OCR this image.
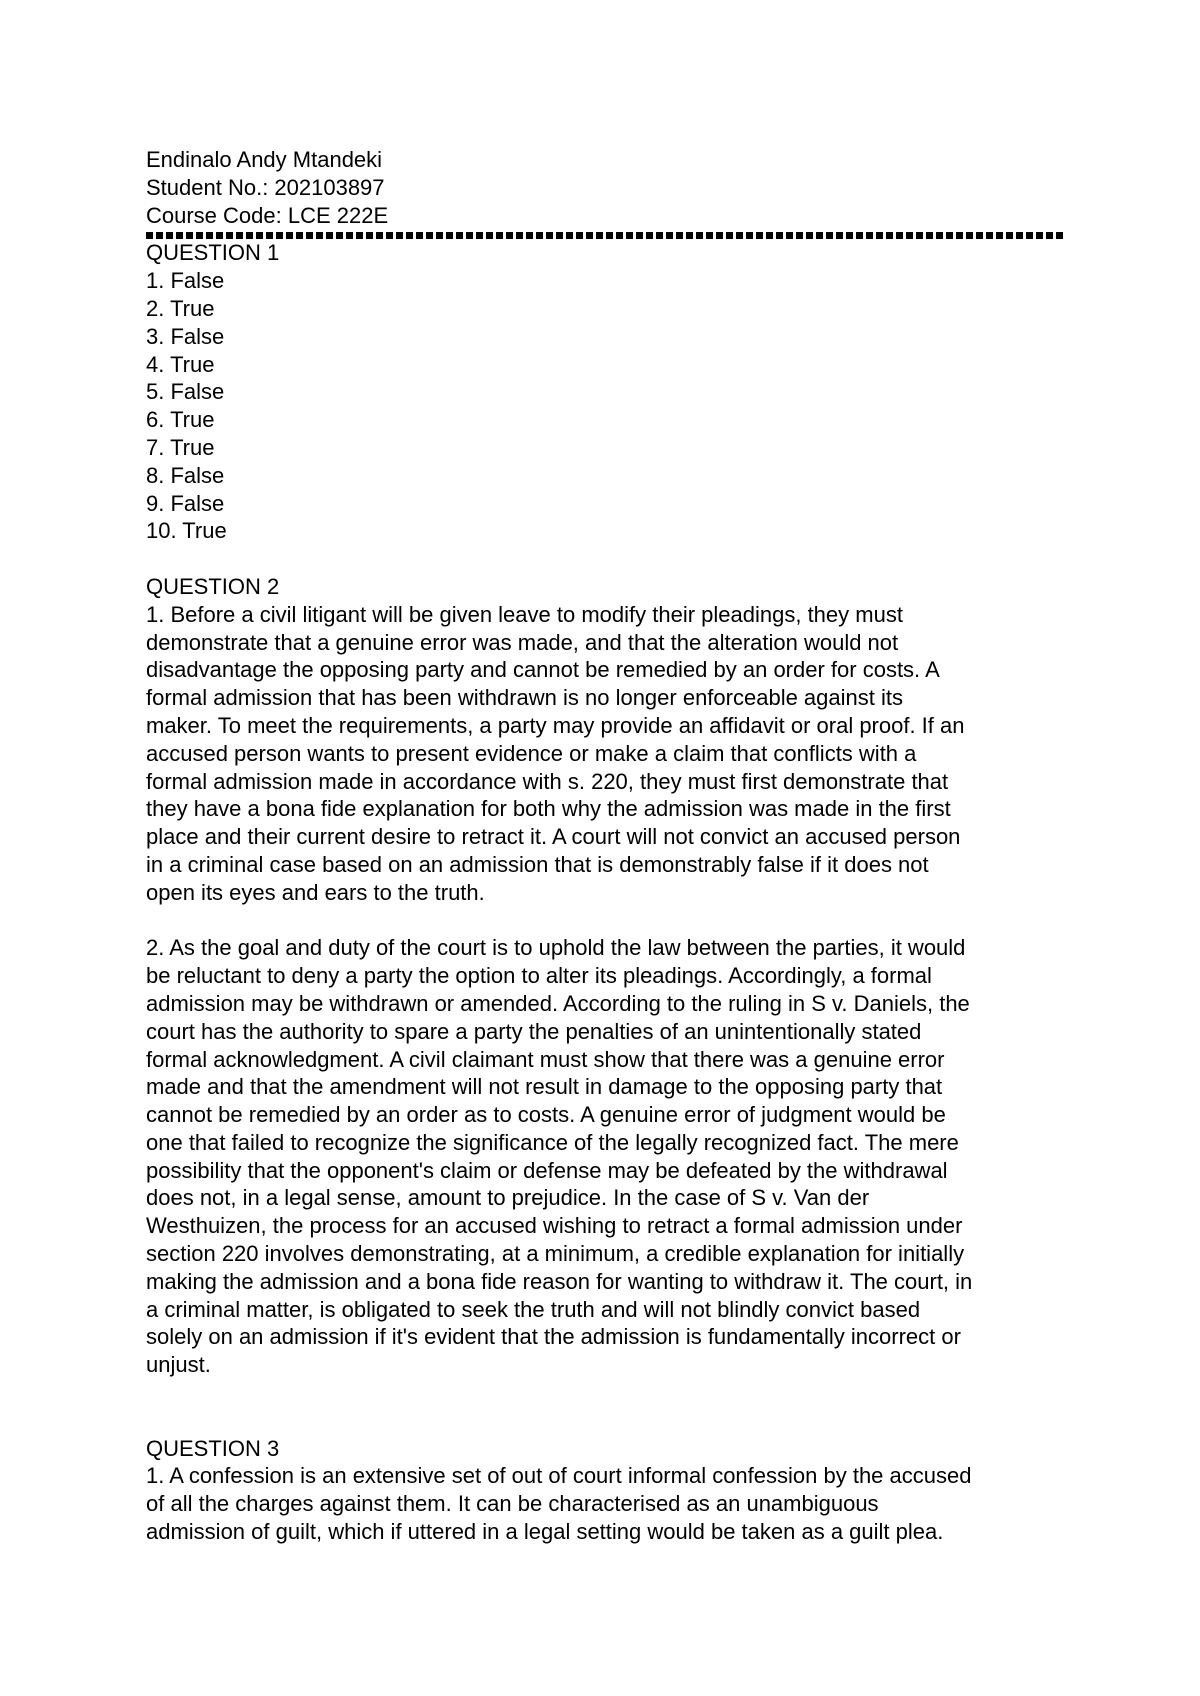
Endinalo Andy Mtandeki

Student No.: 202103897

Course Code: LCE 222E

QUESTION 1

1. False

2. True

3. False

4. True

5. False

6. True

7. True

8. False

9. False

10. True

QUESTION 2

1. Before a civil litigant will be given leave to modify their pleadings, they must

demonstrate that a genuine error was made, and that the alteration would not

disadvantage the opposing party and cannot be remedied by an order for costs. A

formal admission that has been withdrawn is no longer enforceable against its

maker. To meet the requirements, a party may provide an affidavit or oral proof. If an

accused person wants to present evidence or make a claim that conflicts with a

formal admission made in accordance with s. 220, they must first demonstrate that

they have a bona fide explanation for both why the admission was made in the first

place and their current desire to retract it. A court will not convict an accused person

in a criminal case based on an admission that is demonstrably false if it does not

open its eyes and ears to the truth.

2. As the goal and duty of the court is to uphold the law between the parties, it would

be reluctant to deny a party the option to alter its pleadings. Accordingly, a formal

admission may be withdrawn or amended. According to the ruling in S v. Daniels, the

court has the authority to spare a party the penalties of an unintentionally stated

formal acknowledgment. A civil claimant must show that there was a genuine error

made and that the amendment will not result in damage to the opposing party that

cannot be remedied by an order as to costs. A genuine error of judgment would be

one that failed to recognize the significance of the legally recognized fact. The mere

possibility that the opponent's claim or defense may be defeated by the withdrawal

does not, in a legal sense, amount to prejudice. In the case of S v. Van der

Westhuizen, the process for an accused wishing to retract a formal admission under

section 220 involves demonstrating, at a minimum, a credible explanation for initially

making the admission and a bona fide reason for wanting to withdraw it. The court, in

a criminal matter, is obligated to seek the truth and will not blindly convict based

solely on an admission if it's evident that the admission is fundamentally incorrect or

unjust.

QUESTION 3

1. A confession is an extensive set of out of court informal confession by the accused

of all the charges against them. It can be characterised as an unambiguous

admission of guilt, which if uttered in a legal setting would be taken as a guilt plea.
